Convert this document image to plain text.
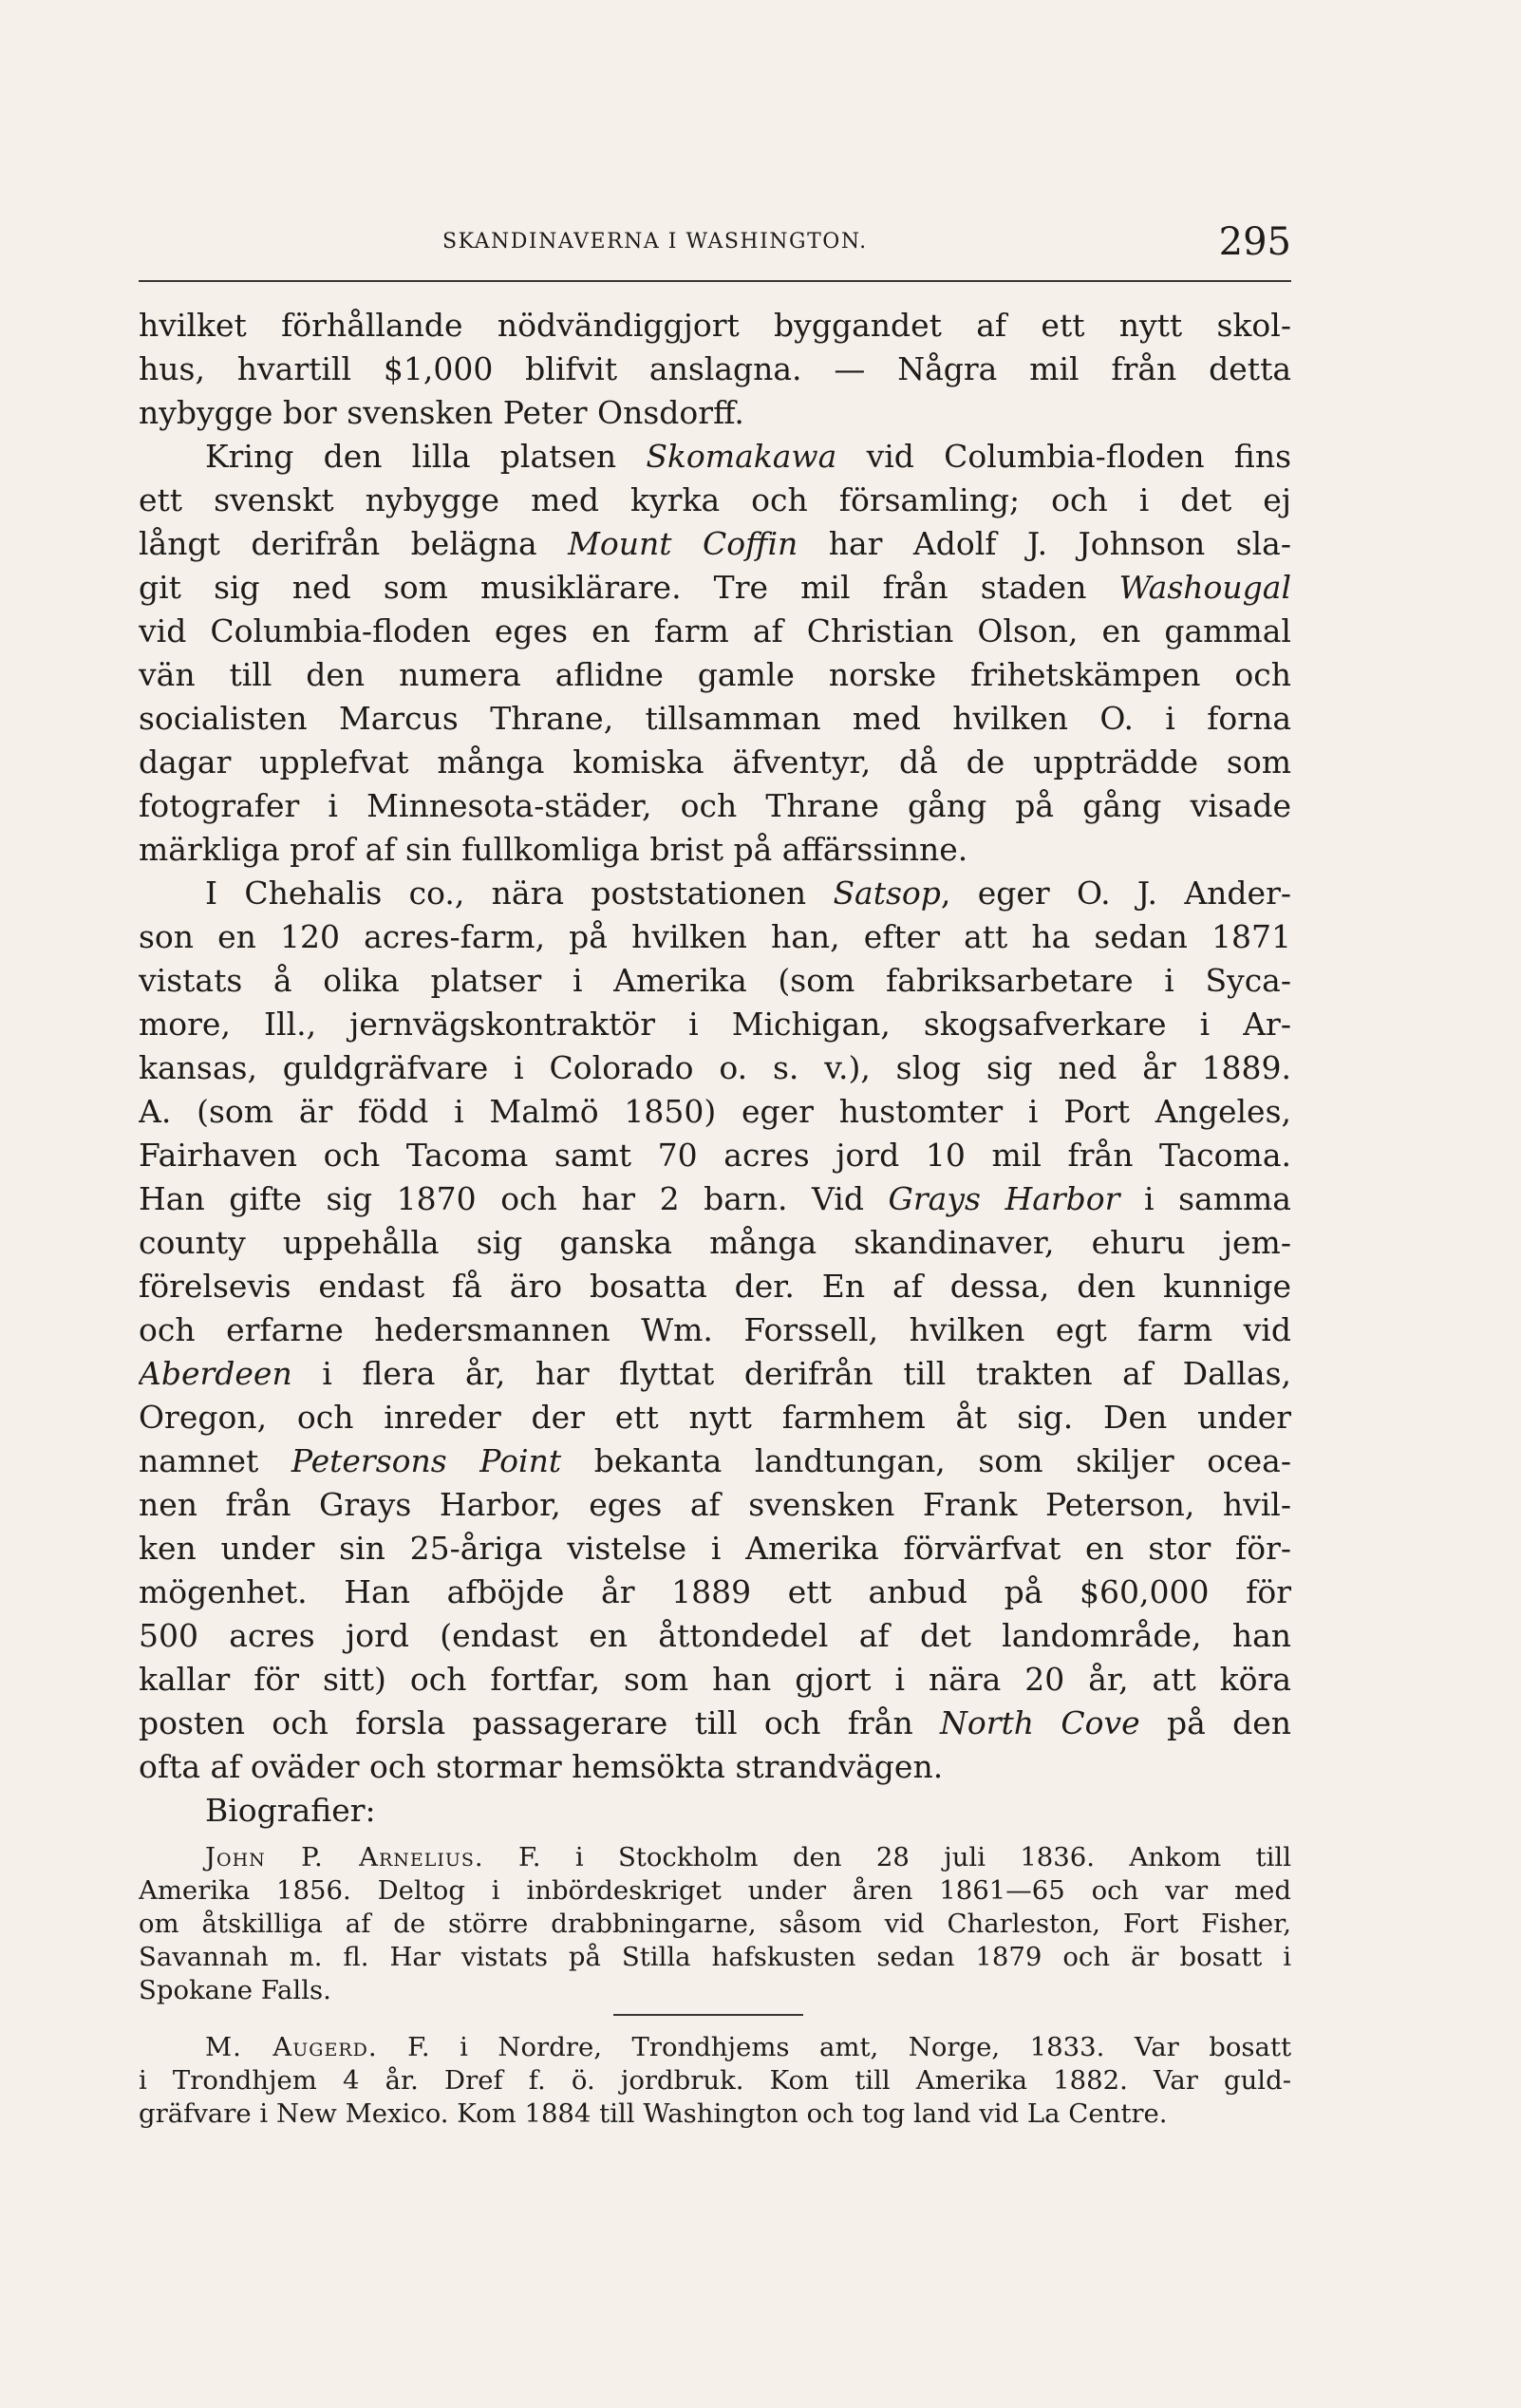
SKANDINAVERNA I WASHINGTON.	295
hvilket förhållande nödvändiggjort byggandet af ett nytt skol-
hus, hvartill $1,000 blifvit anslagna. — Några mil från detta
nybygge bor svensken Peter Onsdorff.
Kring den lilla platsen Skomakawa vid Columbia-floden fins
ett svenskt nybygge med kyrka och församling; och i det ej
långt derifrån belägna Mount Coffin har Adolf J. Johnson sla-
git sig ned som musiklärare. Tre mil från staden Washougal
vid Columbia-floden eges en farm af Christian Olson, en gammal
vän till den numera aflidne gamle norske frihetskämpen och
socialisten Marcus Thrane, tillsamman med hvilken O. i forna
dagar upplefvat många komiska äfventyr, då de uppträdde som
fotografer i Minnesota-städer, och Thrane gång på gång visade
märkliga prof af sin fullkomliga brist på affärssinne.
I Chehalis co., nära poststationen Satsop, eger O. J. Ander-
son en 120 acres-farm, på hvilken han, efter att ha sedan 1871
vistats å olika platser i Amerika (som fabriksarbetare i Syca-
more, Ill., jernvägskontraktör i Michigan, skogsafverkare i Ar-
kansas, guldgräfvare i Colorado o. s. v.), slog sig ned år 1889.
A. (som är född i Malmö 1850) eger hustomter i Port Angeles,
Fairhaven och Tacoma samt 70 acres jord 10 mil från Tacoma.
Han gifte sig 1870 och har 2 barn. Vid Grays Harbor i samma
county uppehålla sig ganska många skandinaver, ehuru jem-
förelsevis endast få äro bosatta der. En af dessa, den kunnige
och erfarne hedersmannen Wm. Forssell, hvilken egt farm vid
Aberdeen i flera år, har flyttat derifrån till trakten af Dallas,
Oregon, och inreder der ett nytt farmhem åt sig. Den under
namnet Petersons Point bekanta landtungan, som skiljer ocea-
nen från Grays Harbor, eges af svensken Frank Peterson, hvil-
ken under sin 25-åriga vistelse i Amerika förvärfvat en stor för-
mögenhet. Han afböjde år 1889 ett anbud på $60,000 för
500 acres jord (endast en åttondedel af det landområde, han
kallar för sitt) och fortfar, som han gjort i nära 20 år, att köra
posten och forsla passagerare till och från North Cove på den
ofta af oväder och stormar hemsökta strandvägen.
Biografier:
John P. Arnelius. F. i Stockholm den 28 juli 1836. Ankom till
Amerika 1856. Deltog i inbördeskriget under åren 1861—65 och var med
om åtskilliga af de större drabbningarne, såsom vid Charleston, Fort Fisher,
Savannah m. fl. Har vistats på Stilla hafskusten sedan 1879 och är bosatt i
Spokane Falls.
M. Augerd. F. i Nordre, Trondhjems amt, Norge, 1833. Var bosatt
i Trondhjem 4 år. Dref f. ö. jordbruk. Kom till Amerika 1882. Var guld-
gräfvare i New Mexico. Kom 1884 till Washington och tog land vid La Centre.
